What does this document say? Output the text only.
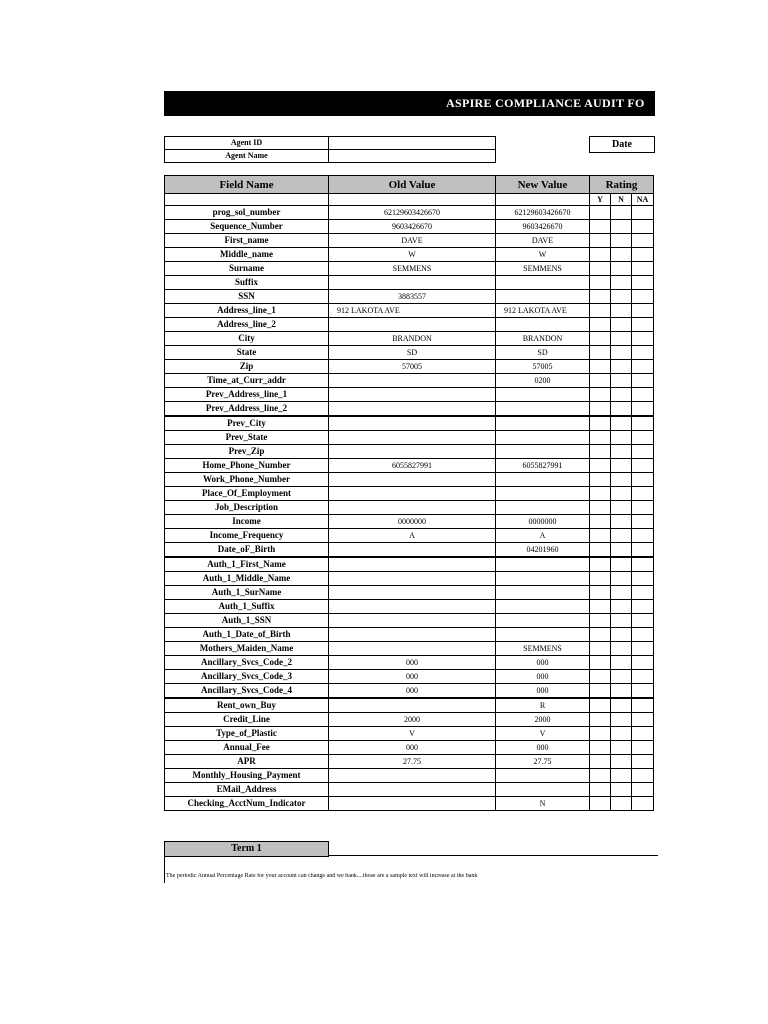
ASPIRE COMPLIANCE AUDIT FO
Agent ID	
Agent Name	
Date
Field Name	Old Value	New Value	Rating		
			Y	N	NA
prog_sol_number	62129603426670	62129603426670			
Sequence_Number	9603426670	9603426670			
First_name	DAVE	DAVE			
Middle_name	W	W			
Surname	SEMMENS	SEMMENS			
Suffix					
SSN	3883557				
Address_line_1	912 LAKOTA AVE	912 LAKOTA AVE			
Address_line_2					
City	BRANDON	BRANDON			
State	SD	SD			
Zip	57005	57005			
Time_at_Curr_addr		0200			
Prev_Address_line_1					
Prev_Address_line_2					
Prev_City					
Prev_State					
Prev_Zip					
Home_Phone_Number	6055827991	6055827991			
Work_Phone_Number					
Place_Of_Employment					
Job_Description					
Income	0000000	0000000			
Income_Frequency	A	A			
Date_oF_Birth		04201960			
Auth_1_First_Name					
Auth_1_Middle_Name					
Auth_1_SurName					
Auth_1_Suffix					
Auth_1_SSN					
Auth_1_Date_of_Birth					
Mothers_Maiden_Name		SEMMENS			
Ancillary_Svcs_Code_2	000	000			
Ancillary_Svcs_Code_3	000	000			
Ancillary_Svcs_Code_4	000	000			
Rent_own_Buy		R			
Credit_Line	2000	2000			
Type_of_Plastic	V	V			
Annual_Fee	000	000			
APR	27.75	27.75			
Monthly_Housing_Payment					
EMail_Address					
Checking_AcctNum_Indicator		N			
Term 1
The periodic Annual Percentage Rate for your account can change and we bank....those are a sample text will increase at the bank
